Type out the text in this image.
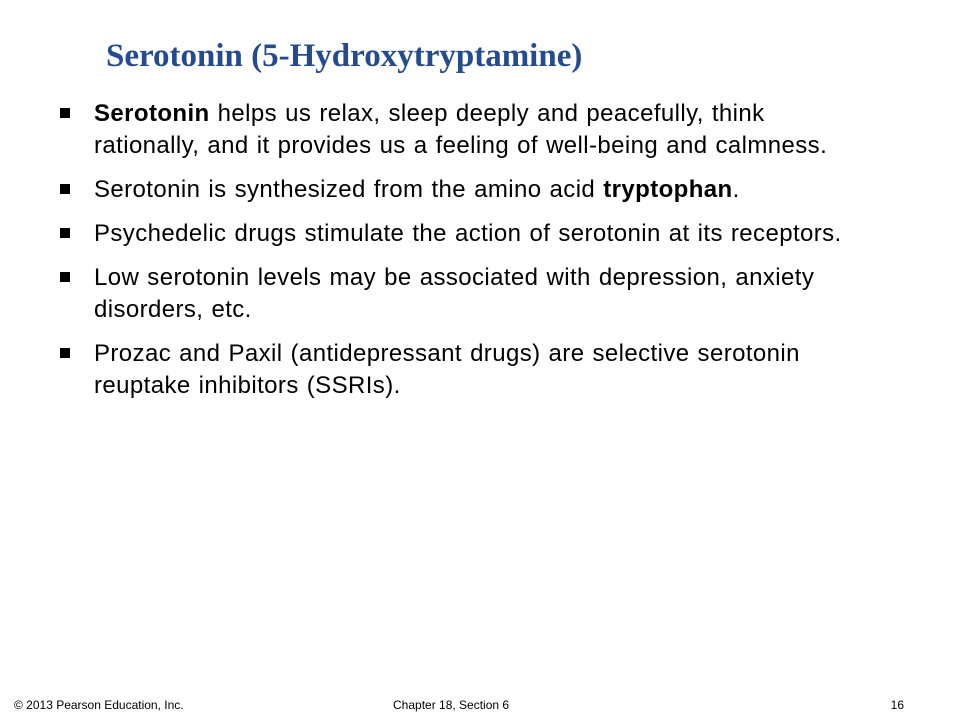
Serotonin (5-Hydroxytryptamine)
Serotonin helps us relax, sleep deeply and peacefully, think rationally, and it provides us a feeling of well-being and calmness.
Serotonin is synthesized from the amino acid tryptophan.
Psychedelic drugs stimulate the action of serotonin at its receptors.
Low serotonin levels may be associated with depression, anxiety disorders, etc.
Prozac and Paxil (antidepressant drugs) are selective serotonin reuptake inhibitors (SSRIs).
© 2013 Pearson Education, Inc.	Chapter 18, Section 6	16
